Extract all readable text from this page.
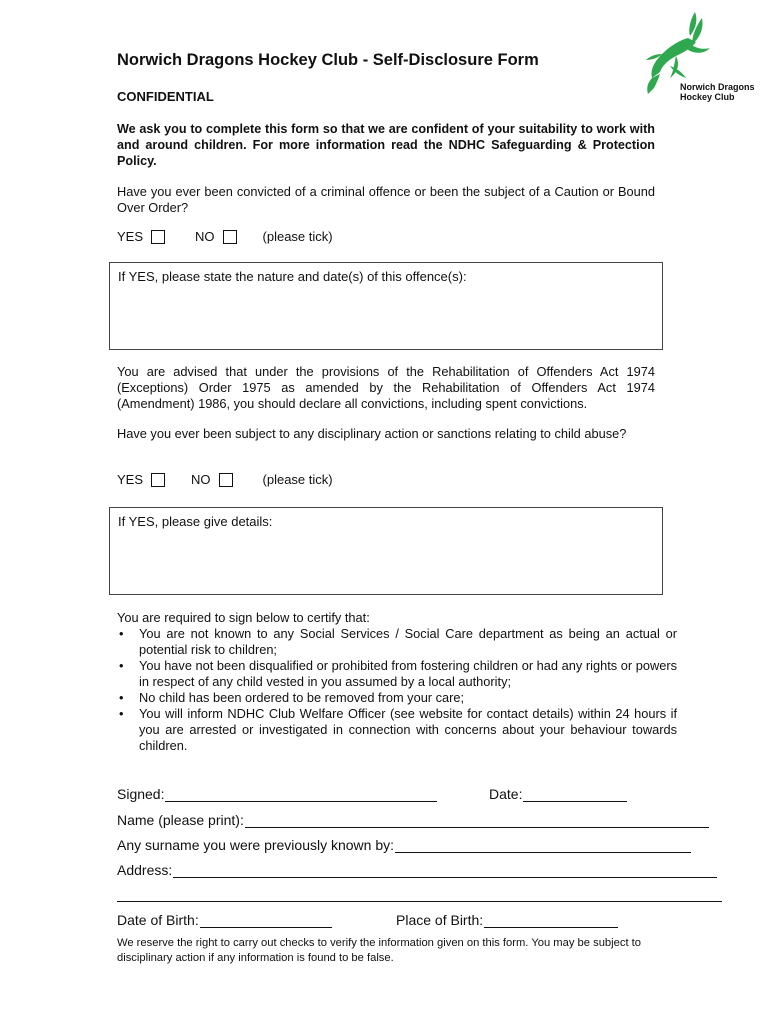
Norwich Dragons
Hockey Club
Norwich Dragons Hockey Club - Self-Disclosure Form
CONFIDENTIAL
We ask you to complete this form so that we are confident of your suitability to work with and around children. For more information read the NDHC Safeguarding & Protection Policy.
Have you ever been convicted of a criminal offence or been the subject of a Caution or Bound Over Order?
YES	NO	(please tick)
If YES, please state the nature and date(s) of this offence(s):
You are advised that under the provisions of the Rehabilitation of Offenders Act 1974 (Exceptions) Order 1975 as amended by the Rehabilitation of Offenders Act 1974 (Amendment) 1986, you should declare all convictions, including spent convictions.
Have you ever been subject to any disciplinary action or sanctions relating to child abuse?
YES	NO	(please tick)
If YES, please give details:
You are required to sign below to certify that:
• You are not known to any Social Services / Social Care department as being an actual or potential risk to children;
• You have not been disqualified or prohibited from fostering children or had any rights or powers in respect of any child vested in you assumed by a local authority;
• No child has been ordered to be removed from your care;
• You will inform NDHC Club Welfare Officer (see website for contact details) within 24 hours if you are arrested or investigated in connection with concerns about your behaviour towards children.
Signed:	Date:
Name (please print):
Any surname you were previously known by:
Address:
Date of Birth:	Place of Birth:
We reserve the right to carry out checks to verify the information given on this form. You may be subject to disciplinary action if any information is found to be false.
